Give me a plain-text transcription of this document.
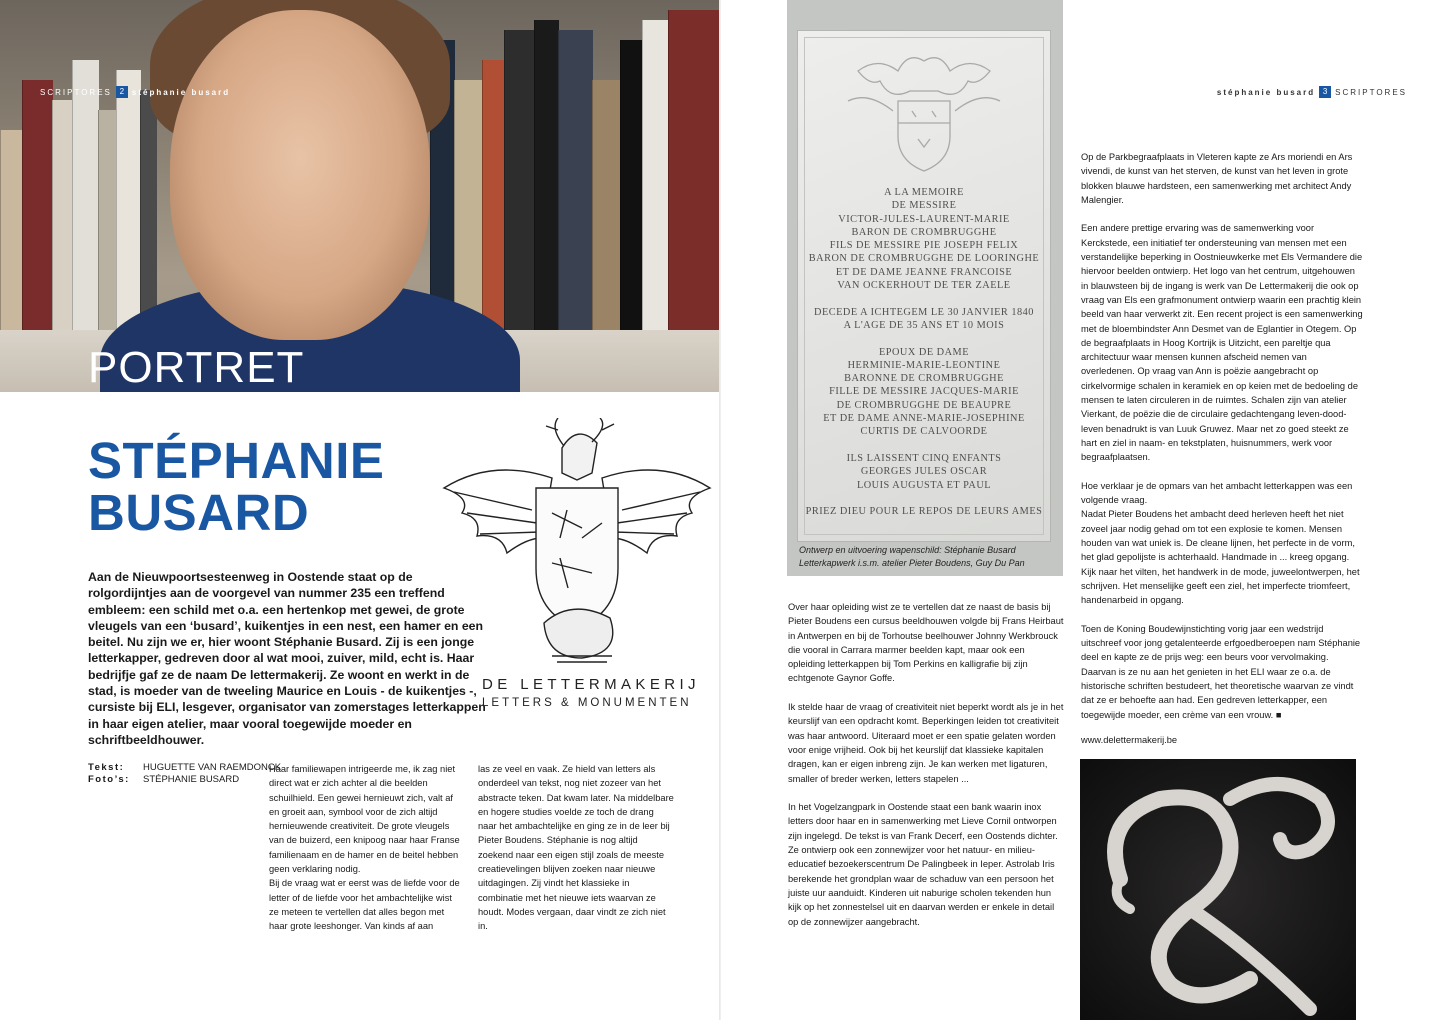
PORTRET
SCRIPTORES 2 stéphanie busard
STÉPHANIE
BUSARD
Aan de Nieuwpoortsesteenweg in Oostende staat op de rolgordijntjes aan de voorgevel van nummer 235 een treffend embleem: een schild met o.a. een hertenkop met gewei, de grote vleugels van een ‘busard’, kuikentjes in een nest, een hamer en een beitel. Nu zijn we er, hier woont Stéphanie Busard. Zij is een jonge letterkapper, gedreven door al wat mooi, zuiver, mild, echt is. Haar bedrijfje gaf ze de naam De lettermakerij. Ze woont en werkt in de stad, is moeder van de tweeling Maurice en Louis - de kuikentjes -, cursiste bij ELI, lesgever, organisator van zomerstages letterkappen in haar eigen atelier, maar vooral toegewijde moeder en schriftbeeldhouwer.
DE LETTERMAKERIJ
LETTERS & MONUMENTEN
Tekst:	HUGUETTE VAN RAEMDONCK
Foto’s:	STÉPHANIE BUSARD
Haar familiewapen intrigeerde me, ik zag niet direct wat er zich achter al die beelden schuilhield. Een gewei hernieuwt zich, valt af en groeit aan, symbool voor de zich altijd hernieuwende creativiteit. De grote vleugels van de buizerd, een knipoog naar haar Franse familienaam en de hamer en de beitel hebben geen verklaring nodig.
Bij de vraag wat er eerst was de liefde voor de letter of de liefde voor het ambachtelijke wist ze meteen te vertellen dat alles begon met haar grote leeshonger. Van kinds af aan
las ze veel en vaak. Ze hield van letters als onderdeel van tekst, nog niet zozeer van het abstracte teken. Dat kwam later. Na middelbare en hogere studies voelde ze toch de drang naar het ambachtelijke en ging ze in de leer bij Pieter Boudens. Stéphanie is nog altijd zoekend naar een eigen stijl zoals de meeste creatievelingen blijven zoeken naar nieuwe uitdagingen. Zij vindt het klassieke in combinatie met het nieuwe iets waarvan ze houdt. Modes vergaan, daar vindt ze zich niet in.
stéphanie busard 3 SCRIPTORES
A LA MEMOIRE
DE MESSIRE
VICTOR-JULES-LAURENT-MARIE
BARON DE CROMBRUGGHE
FILS DE MESSIRE PIE JOSEPH FELIX
BARON DE CROMBRUGGHE DE LOORINGHE
ET DE DAME JEANNE FRANCOISE
VAN OCKERHOUT DE TER ZAELE

DECEDE A ICHTEGEM LE 30 JANVIER 1840
A L'AGE DE 35 ANS ET 10 MOIS

EPOUX DE DAME
HERMINIE-MARIE-LEONTINE
BARONNE DE CROMBRUGGHE
FILLE DE MESSIRE JACQUES-MARIE
DE CROMBRUGGHE DE BEAUPRE
ET DE DAME ANNE-MARIE-JOSEPHINE
CURTIS DE CALVOORDE

ILS LAISSENT CINQ ENFANTS
GEORGES JULES OSCAR
LOUIS AUGUSTA ET PAUL

PRIEZ DIEU POUR LE REPOS DE LEURS AMES
Ontwerp en uitvoering wapenschild: Stéphanie Busard
Letterkapwerk i.s.m. atelier Pieter Boudens, Guy Du Pan

Over haar opleiding wist ze te vertellen dat ze naast de basis bij Pieter Boudens een cursus beeldhouwen volgde bij Frans Heirbaut in Antwerpen en bij de Torhoutse beelhouwer Johnny Werkbrouck die vooral in Carrara marmer beelden kapt, maar ook een opleiding letterkappen bij Tom Perkins en kalligrafie bij zijn echtgenote Gaynor Goffe.

Ik stelde haar de vraag of creativiteit niet beperkt wordt als je in het keurslijf van een opdracht komt. Beperkingen leiden tot creativiteit was haar antwoord. Uiteraard moet er een spatie gelaten worden voor enige vrijheid. Ook bij het keurslijf dat klassieke kapitalen dragen, kan er eigen inbreng zijn. Je kan werken met ligaturen, smaller of breder werken, letters stapelen ...

In het Vogelzangpark in Oostende staat een bank waarin inox letters door haar en in samenwerking met Lieve Cornil ontworpen zijn ingelegd. De tekst is van Frank Decerf, een Oostends dichter. Ze ontwierp ook een zonnewijzer voor het natuur- en milieu-educatief bezoekerscentrum De Palingbeek in Ieper. Astrolab Iris berekende het grondplan waar de schaduw van een persoon het juiste uur aanduidt. Kinderen uit naburige scholen tekenden hun kijk op het zonnestelsel uit en daarvan werden er enkele in detail op de zonnewijzer aangebracht.

Op de Parkbegraafplaats in Vleteren kapte ze Ars moriendi en Ars vivendi, de kunst van het sterven, de kunst van het leven in grote blokken blauwe hardsteen, een samenwerking met architect Andy Malengier.

Een andere prettige ervaring was de samenwerking voor Kerckstede, een initiatief ter ondersteuning van mensen met een verstandelijke beperking in Oostnieuwkerke met Els Vermandere die hiervoor beelden ontwierp. Het logo van het centrum, uitgehouwen in blauwsteen bij de ingang is werk van De Lettermakerij die ook op vraag van Els een grafmonument ontwierp waarin een prachtig klein beeld van haar verwerkt zit. Een recent project is een samenwerking met de bloembindster Ann Desmet van de Eglantier in Otegem. Op de begraafplaats in Hoog Kortrijk is Uitzicht, een pareltje qua architectuur waar mensen kunnen afscheid nemen van overledenen. Op vraag van Ann is poëzie aangebracht op cirkelvormige schalen in keramiek en op keien met de bedoeling de mensen te laten circuleren in de ruimtes. Schalen zijn van atelier Vierkant, de poëzie die de circulaire gedachtengang leven-dood-leven benadrukt is van Luuk Gruwez. Maar net zo goed steekt ze hart en ziel in naam- en tekstplaten, huisnummers, werk voor begraafplaatsen.

Hoe verklaar je de opmars van het ambacht letterkappen was een volgende vraag.
Nadat Pieter Boudens het ambacht deed herleven heeft het niet zoveel jaar nodig gehad om tot een explosie te komen. Mensen houden van wat uniek is. De cleane lijnen, het perfecte in de vorm, het glad gepolijste is achterhaald. Handmade in ... kreeg opgang. Kijk naar het vilten, het handwerk in de mode, juweelontwerpen, het schrijven. Het menselijke geeft een ziel, het imperfecte triomfeert, handenarbeid in opgang.

Toen de Koning Boudewijnstichting vorig jaar een wedstrijd uitschreef voor jong getalenteerde erfgoedberoepen nam Stéphanie deel en kapte ze de prijs weg: een beurs voor vervolmaking. Daarvan is ze nu aan het genieten in het ELI waar ze o.a. de historische schriften bestudeert, het theoretische waarvan ze vindt dat ze er behoefte aan had. Een gedreven letterkapper, een toegewijde moeder, een crème van een vrouw. ■

www.delettermakerij.be
